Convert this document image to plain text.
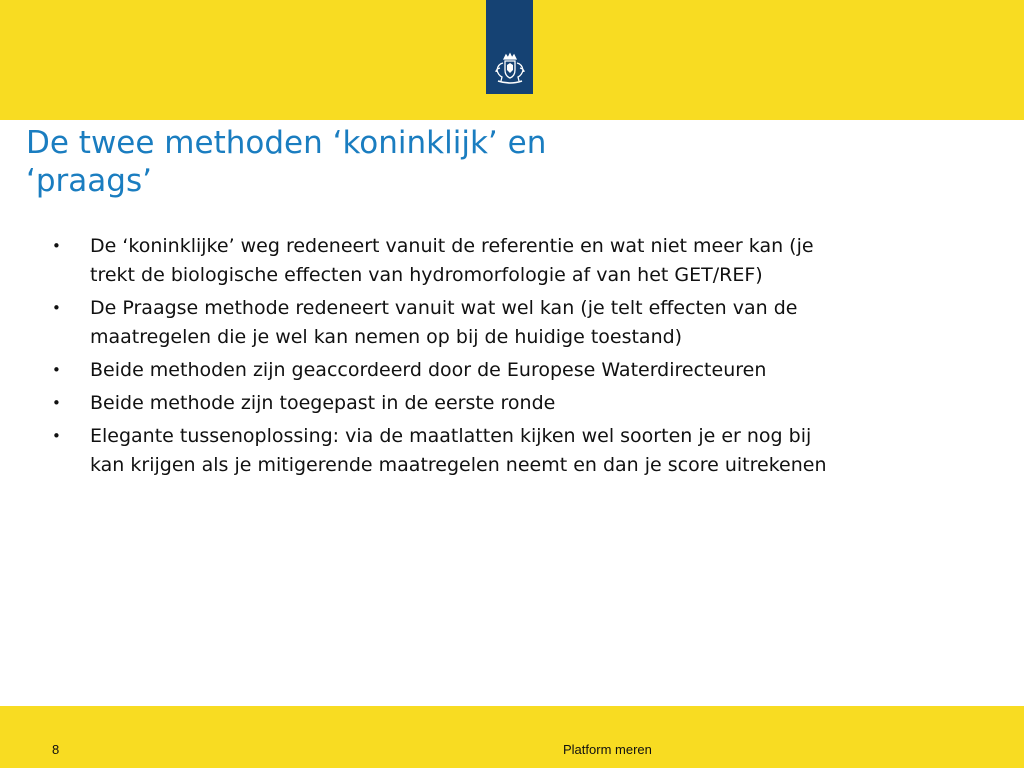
De twee methoden ‘koninklijk’ en
‘praags’
• De ‘koninklijke’ weg redeneert vanuit de referentie en wat niet meer kan (je
trekt de biologische effecten van hydromorfologie af van het GET/REF)
• De Praagse methode redeneert vanuit wat wel kan (je telt effecten van de
maatregelen die je wel kan nemen op bij de huidige toestand)
• Beide methoden zijn geaccordeerd door de Europese Waterdirecteuren
• Beide methode zijn toegepast in de eerste ronde
• Elegante tussenoplossing: via de maatlatten kijken wel soorten je er nog bij
kan krijgen als je mitigerende maatregelen neemt en dan je score uitrekenen
8	Platform meren
